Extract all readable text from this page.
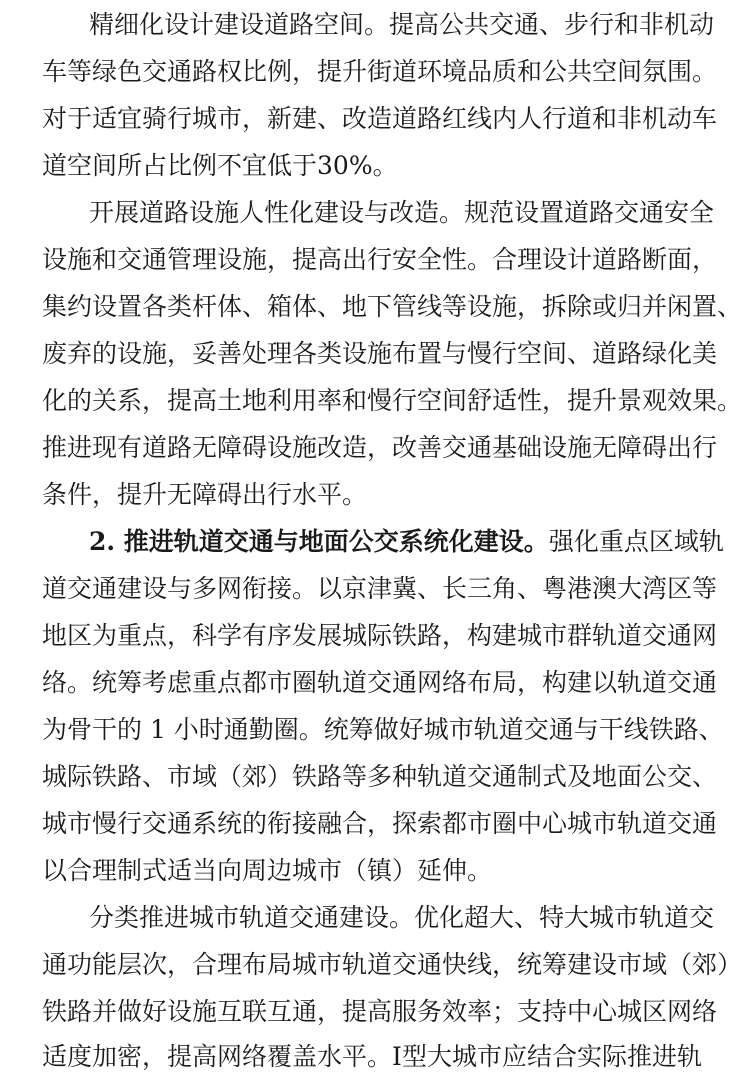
精细化设计建设道路空间。提高公共交通、步行和非机动
车等绿色交通路权比例，提升街道环境品质和公共空间氛围。
对于适宜骑行城市，新建、改造道路红线内人行道和非机动车
道空间所占比例不宜低于30%。
开展道路设施人性化建设与改造。规范设置道路交通安全
设施和交通管理设施，提高出行安全性。合理设计道路断面，
集约设置各类杆体、箱体、地下管线等设施，拆除或归并闲置、
废弃的设施，妥善处理各类设施布置与慢行空间、道路绿化美
化的关系，提高土地利用率和慢行空间舒适性，提升景观效果。
推进现有道路无障碍设施改造，改善交通基础设施无障碍出行
条件，提升无障碍出行水平。
2. 推进轨道交通与地面公交系统化建设。强化重点区域轨
道交通建设与多网衔接。以京津冀、长三角、粤港澳大湾区等
地区为重点，科学有序发展城际铁路，构建城市群轨道交通网
络。统筹考虑重点都市圈轨道交通网络布局，构建以轨道交通
为骨干的 1 小时通勤圈。统筹做好城市轨道交通与干线铁路、
城际铁路、市域（郊）铁路等多种轨道交通制式及地面公交、
城市慢行交通系统的衔接融合，探索都市圈中心城市轨道交通
以合理制式适当向周边城市（镇）延伸。
分类推进城市轨道交通建设。优化超大、特大城市轨道交
通功能层次，合理布局城市轨道交通快线，统筹建设市域（郊）
铁路并做好设施互联互通，提高服务效率；支持中心城区网络
适度加密，提高网络覆盖水平。I型大城市应结合实际推进轨
